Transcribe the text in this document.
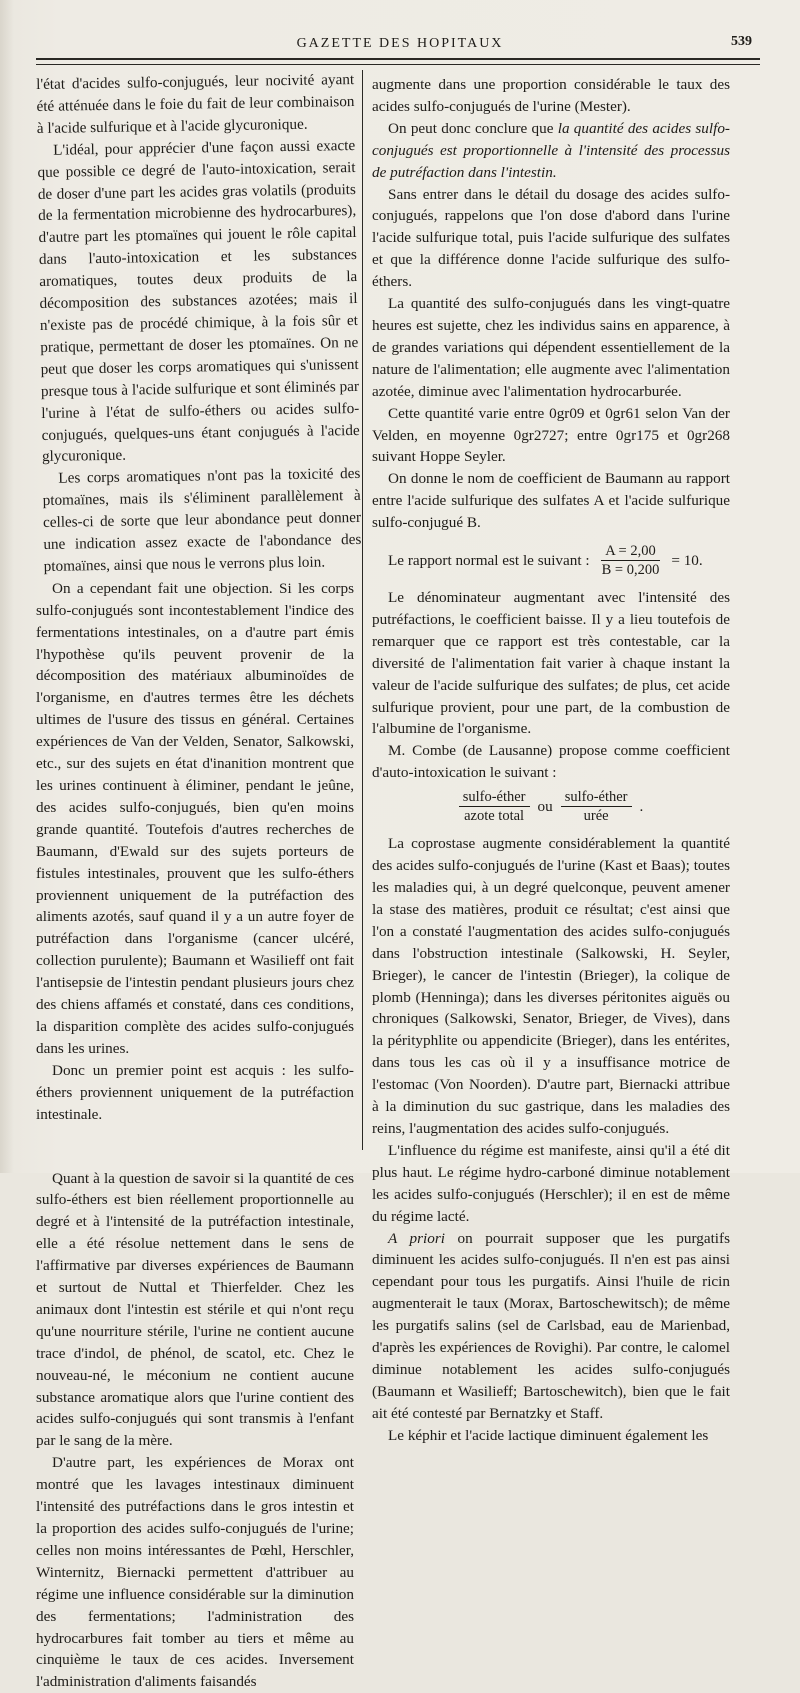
GAZETTE DES HOPITAUX	539

l'état d'acides sulfo-conjugués, leur nocivité ayant été atténuée dans le foie du fait de leur combinaison à l'acide sulfurique et à l'acide glycuronique.

L'idéal, pour apprécier d'une façon aussi exacte que possible ce degré de l'auto-intoxication, serait de doser d'une part les acides gras volatils (produits de la fermentation microbienne des hydrocarbures), d'autre part les ptomaïnes qui jouent le rôle capital dans l'auto-intoxication et les substances aromatiques, toutes deux produits de la décomposition des substances azotées; mais il n'existe pas de procédé chimique, à la fois sûr et pratique, permettant de doser les ptomaïnes. On ne peut que doser les corps aromatiques qui s'unissent presque tous à l'acide sulfurique et sont éliminés par l'urine à l'état de sulfo-éthers ou acides sulfo-conjugués, quelques-uns étant conjugués à l'acide glycuronique.

Les corps aromatiques n'ont pas la toxicité des ptomaïnes, mais ils s'éliminent parallèlement à celles-ci de sorte que leur abondance peut donner une indication assez exacte de l'abondance des ptomaïnes, ainsi que nous le verrons plus loin.

On a cependant fait une objection. Si les corps sulfo-conjugués sont incontestablement l'indice des fermentations intestinales, on a d'autre part émis l'hypothèse qu'ils peuvent provenir de la décomposition des matériaux albuminoïdes de l'organisme, en d'autres termes être les déchets ultimes de l'usure des tissus en général. Certaines expériences de Van der Velden, Senator, Salkowski, etc., sur des sujets en état d'inanition montrent que les urines continuent à éliminer, pendant le jeûne, des acides sulfo-conjugués, bien qu'en moins grande quantité. Toutefois d'autres recherches de Baumann, d'Ewald sur des sujets porteurs de fistules intestinales, prouvent que les sulfo-éthers proviennent uniquement de la putréfaction des aliments azotés, sauf quand il y a un autre foyer de putréfaction dans l'organisme (cancer ulcéré, collection purulente); Baumann et Wasilieff ont fait l'antisepsie de l'intestin pendant plusieurs jours chez des chiens affamés et constaté, dans ces conditions, la disparition complète des acides sulfo-conjugués dans les urines.

Donc un premier point est acquis : les sulfo-éthers proviennent uniquement de la putréfaction intestinale.

Quant à la question de savoir si la quantité de ces sulfo-éthers est bien réellement proportionnelle au degré et à l'intensité de la putréfaction intestinale, elle a été résolue nettement dans le sens de l'affirmative par diverses expériences de Baumann et surtout de Nuttal et Thierfelder. Chez les animaux dont l'intestin est stérile et qui n'ont reçu qu'une nourriture stérile, l'urine ne contient aucune trace d'indol, de phénol, de scatol, etc. Chez le nouveau-né, le méconium ne contient aucune substance aromatique alors que l'urine contient des acides sulfo-conjugués qui sont transmis à l'enfant par le sang de la mère.

D'autre part, les expériences de Morax ont montré que les lavages intestinaux diminuent l'intensité des putréfactions dans le gros intestin et la proportion des acides sulfo-conjugués de l'urine; celles non moins intéressantes de Pœhl, Herschler, Winternitz, Biernacki permettent d'attribuer au régime une influence considérable sur la diminution des fermentations; l'administration des hydrocarbures fait tomber au tiers et même au cinquième le taux de ces acides. Inversement l'administration d'aliments faisandés

augmente dans une proportion considérable le taux des acides sulfo-conjugués de l'urine (Mester).

On peut donc conclure que la quantité des acides sulfo-conjugués est proportionnelle à l'intensité des processus de putréfaction dans l'intestin.

Sans entrer dans le détail du dosage des acides sulfo-conjugués, rappelons que l'on dose d'abord dans l'urine l'acide sulfurique total, puis l'acide sulfurique des sulfates et que la différence donne l'acide sulfurique des sulfo-éthers.

La quantité des sulfo-conjugués dans les vingt-quatre heures est sujette, chez les individus sains en apparence, à de grandes variations qui dépendent essentiellement de la nature de l'alimentation; elle augmente avec l'alimentation azotée, diminue avec l'alimentation hydrocarburée.

Cette quantité varie entre 0gr09 et 0gr61 selon Van der Velden, en moyenne 0gr2727; entre 0gr175 et 0gr268 suivant Hoppe Seyler.

On donne le nom de coefficient de Baumann au rapport entre l'acide sulfurique des sulfates A et l'acide sulfurique sulfo-conjugué B.

Le rapport normal est le suivant : $\frac{A = 2,00}{B = 0,200} = 10$.

Le dénominateur augmentant avec l'intensité des putréfactions, le coefficient baisse. Il y a lieu toutefois de remarquer que ce rapport est très contestable, car la diversité de l'alimentation fait varier à chaque instant la valeur de l'acide sulfurique des sulfates; de plus, cet acide sulfurique provient, pour une part, de la combustion de l'albumine de l'organisme.

M. Combe (de Lausanne) propose comme coefficient d'auto-intoxication le suivant :

$\frac{\text{sulfo-éther}}{\text{azote total}}$ ou $\frac{\text{sulfo-éther}}{\text{urée}}$ .

La coprostase augmente considérablement la quantité des acides sulfo-conjugués de l'urine (Kast et Baas); toutes les maladies qui, à un degré quelconque, peuvent amener la stase des matières, produit ce résultat; c'est ainsi que l'on a constaté l'augmentation des acides sulfo-conjugués dans l'obstruction intestinale (Salkowski, H. Seyler, Brieger), le cancer de l'intestin (Brieger), la colique de plomb (Henninga); dans les diverses péritonites aiguës ou chroniques (Salkowski, Senator, Brieger, de Vives), dans la pérityphlite ou appendicite (Brieger), dans les entérites, dans tous les cas où il y a insuffisance motrice de l'estomac (Von Noorden). D'autre part, Biernacki attribue à la diminution du suc gastrique, dans les maladies des reins, l'augmentation des acides sulfo-conjugués.

L'influence du régime est manifeste, ainsi qu'il a été dit plus haut. Le régime hydro-carboné diminue notablement les acides sulfo-conjugués (Herschler); il en est de même du régime lacté.

A priori on pourrait supposer que les purgatifs diminuent les acides sulfo-conjugués. Il n'en est pas ainsi cependant pour tous les purgatifs. Ainsi l'huile de ricin augmenterait le taux (Morax, Bartoschewitsch); de même les purgatifs salins (sel de Carlsbad, eau de Marienbad, d'après les expériences de Rovighi). Par contre, le calomel diminue notablement les acides sulfo-conjugués (Baumann et Wasilieff; Bartoschewitch), bien que le fait ait été contesté par Bernatzky et Staff.

Le képhir et l'acide lactique diminuent également les
